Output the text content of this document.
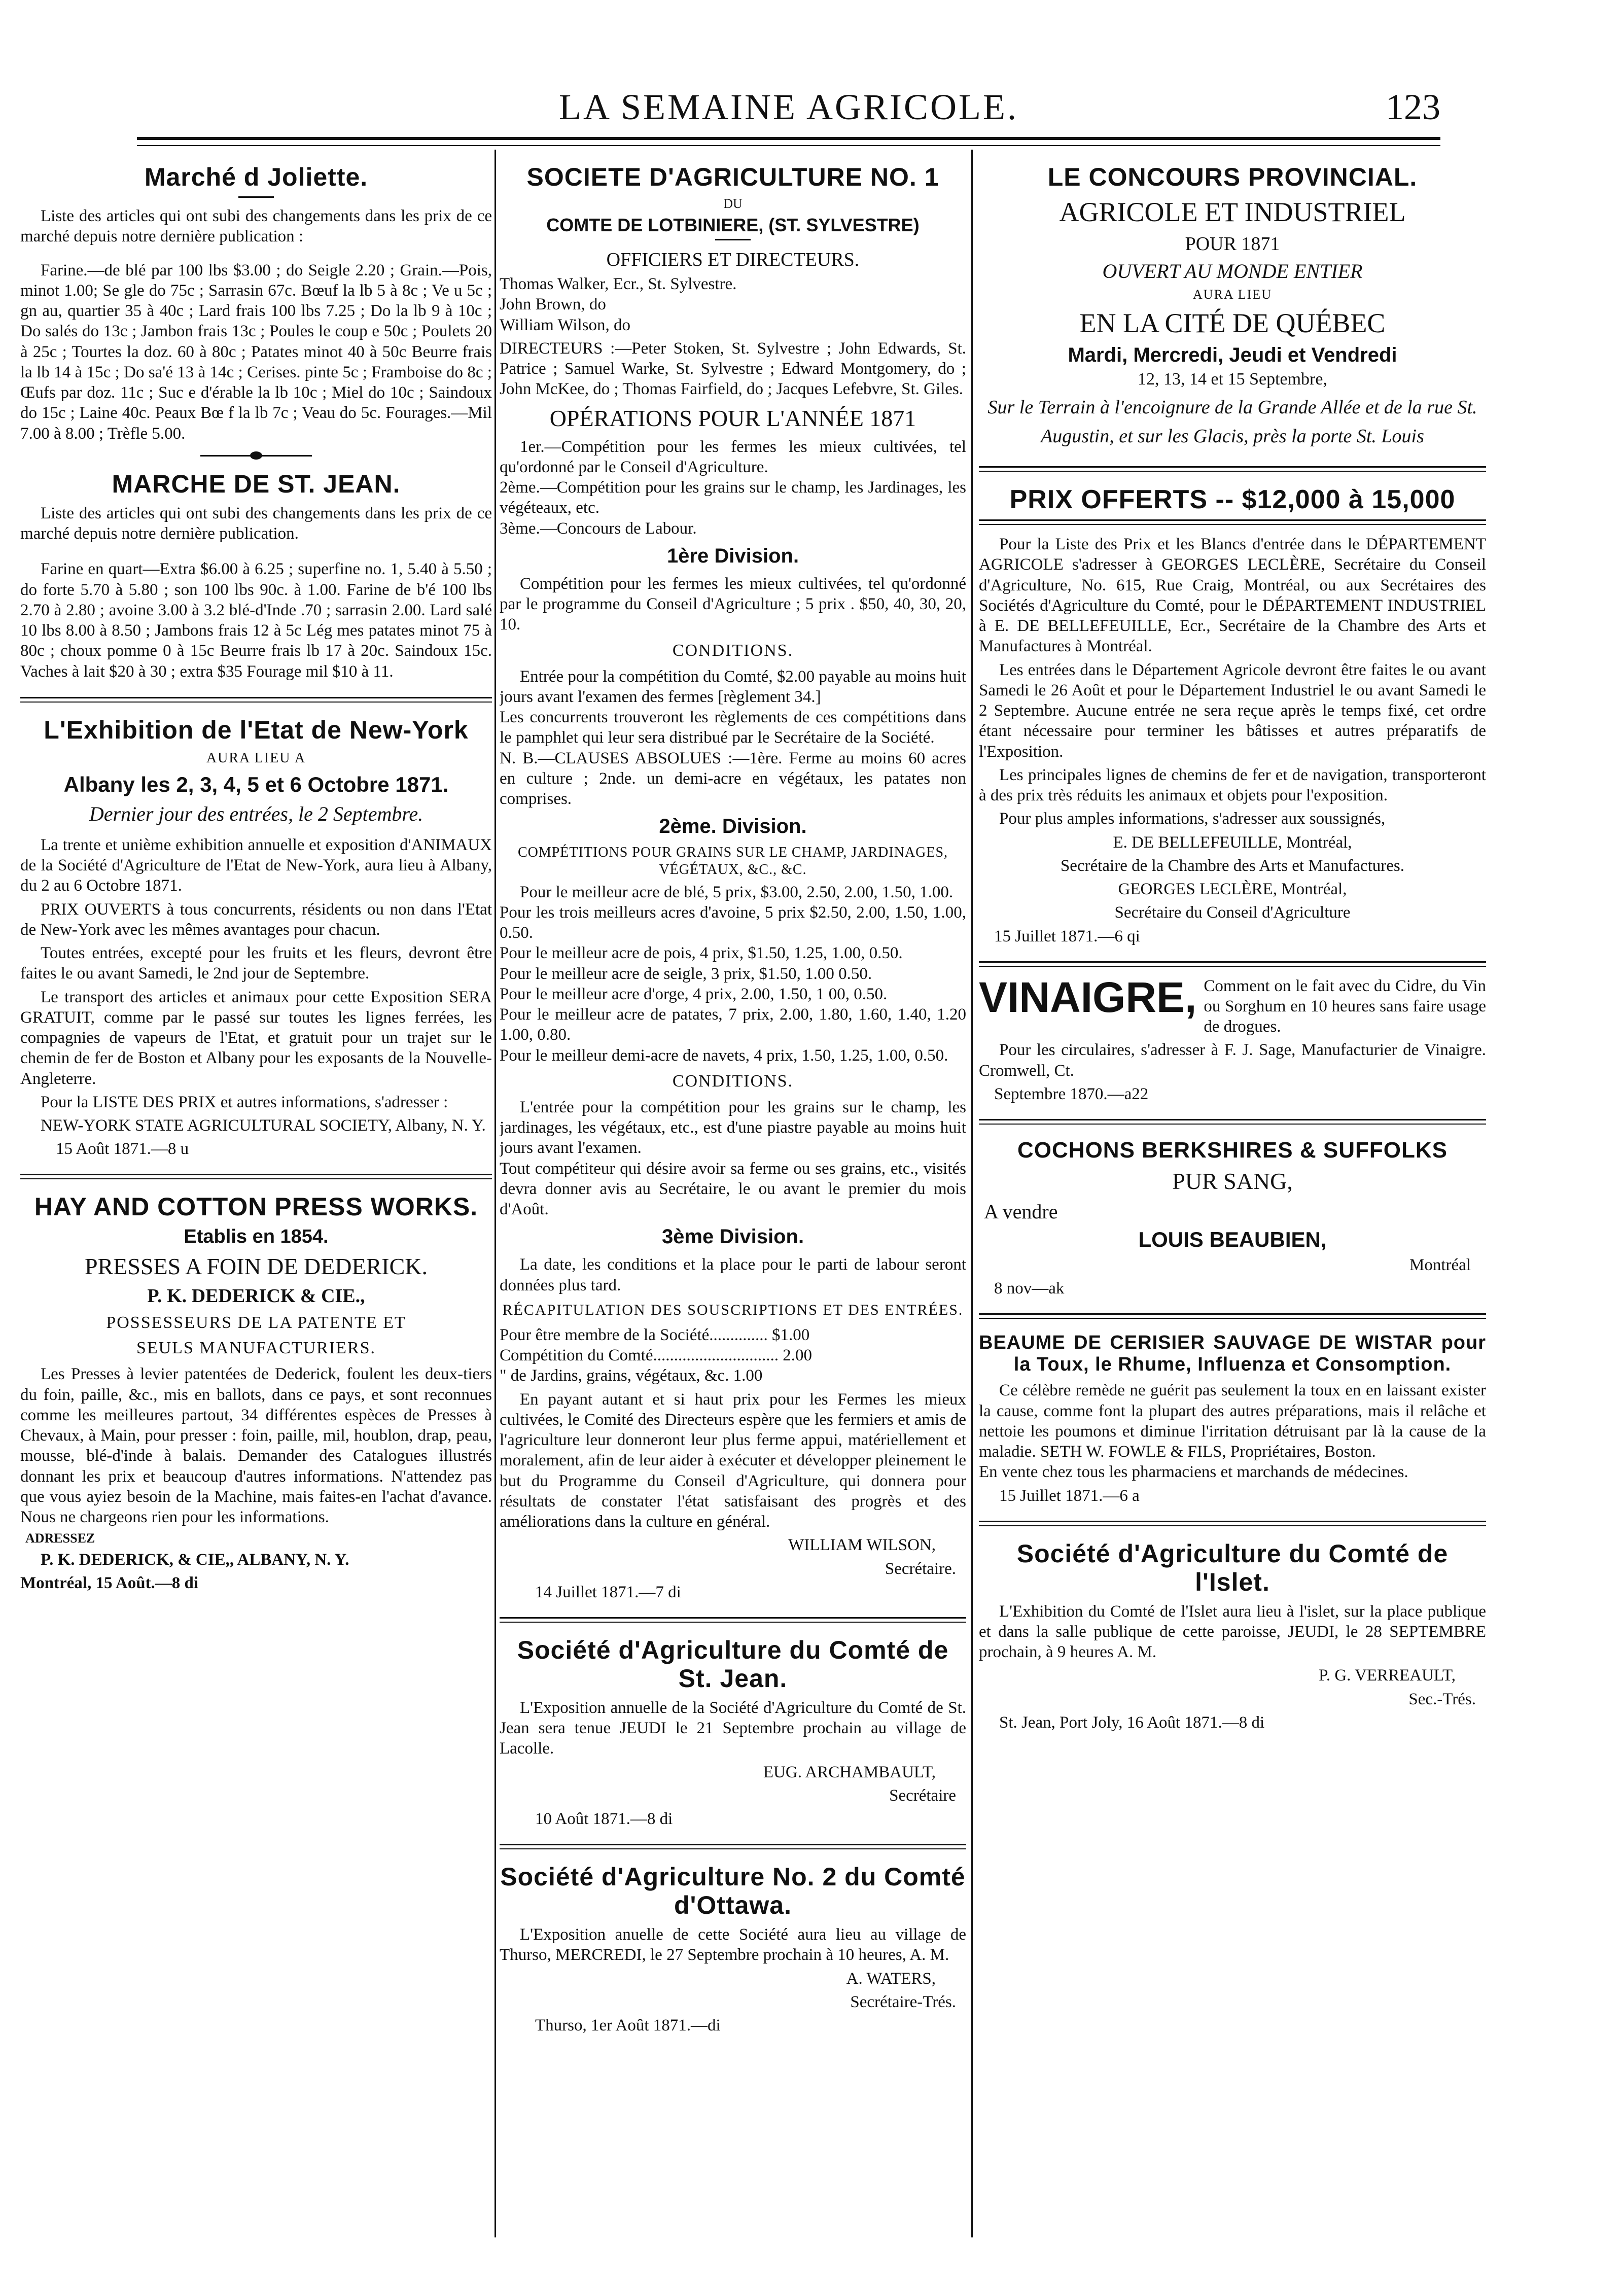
LA SEMAINE AGRICOLE.	123
Marché d Joliette.

Liste des articles qui ont subi des changements dans les prix de ce marché depuis notre dernière publication :

Farine.—de blé par 100 lbs $3.00 ; do Seigle 2.20 ; Grain.—Pois, minot 1.00; Se gle do 75c ; Sarrasin 67c. Bœuf la lb 5 à 8c ; Ve u 5c ; gn au, quartier 35 à 40c ; Lard frais 100 lbs 7.25 ; Do la lb 9 à 10c ; Do salés do 13c ; Jambon frais 13c ; Poules le coup e 50c ; Poulets 20 à 25c ; Tourtes la doz. 60 à 80c ; Patates minot 40 à 50c Beurre frais la lb 14 à 15c ; Do sa'é 13 à 14c ; Cerises. pinte 5c ; Framboise do 8c ; Œufs par doz. 11c ; Suc e d'érable la lb 10c ; Miel do 10c ; Saindoux do 15c ; Laine 40c. Peaux Bœ f la lb 7c ; Veau do 5c. Fourages.—Mil 7.00 à 8.00 ; Trèfle 5.00.

MARCHE DE ST. JEAN.

Liste des articles qui ont subi des changements dans les prix de ce marché depuis notre dernière publication.

Farine en quart—Extra $6.00 à 6.25 ; superfine no. 1, 5.40 à 5.50 ; do forte 5.70 à 5.80 ; son 100 lbs 90c. à 1.00. Farine de b'é 100 lbs 2.70 à 2.80 ; avoine 3.00 à 3.2 blé-d'Inde .70 ; sarrasin 2.00. Lard salé 10 lbs 8.00 à 8.50 ; Jambons frais 12 à 5c Lég mes patates minot 75 à 80c ; choux pomme 0 à 15c Beurre frais lb 17 à 20c. Saindoux 15c. Vaches à lait $20 à 30 ; extra $35 Fourage mil $10 à 11.

L'Exhibition de l'Etat de New-York
AURA LIEU A
Albany les 2, 3, 4, 5 et 6 Octobre 1871.
Dernier jour des entrées, le 2 Septembre.

La trente et unième exhibition annuelle et exposition d'ANIMAUX de la Société d'Agriculture de l'Etat de New-York, aura lieu à Albany, du 2 au 6 Octobre 1871.

PRIX OUVERTS à tous concurrents, résidents ou non dans l'Etat de New-York avec les mêmes avantages pour chacun.

Toutes entrées, excepté pour les fruits et les fleurs, devront être faites le ou avant Samedi, le 2nd jour de Septembre.

Le transport des articles et animaux pour cette Exposition SERA GRATUIT, comme par le passé sur toutes les lignes ferrées, les compagnies de vapeurs de l'Etat, et gratuit pour un trajet sur le chemin de fer de Boston et Albany pour les exposants de la Nouvelle-Angleterre.

Pour la LISTE DES PRIX et autres informations, s'adresser :

NEW-YORK STATE AGRICULTURAL SOCIETY, Albany, N. Y.

15 Août 1871.—8 u
HAY AND COTTON PRESS WORKS.
Etablis en 1854.
PRESSES A FOIN DE DEDERICK.
P. K. DEDERICK & CIE.,
POSSESSEURS DE LA PATENTE ET
SEULS MANUFACTURIERS.

Les Presses à levier patentées de Dederick, foulent les deux-tiers du foin, paille, &c., mis en ballots, dans ce pays, et sont reconnues comme les meilleures partout, 34 différentes espèces de Presses à Chevaux, à Main, pour presser : foin, paille, mil, houblon, drap, peau, mousse, blé-d'inde à balais. Demander des Catalogues illustrés donnant les prix et beaucoup d'autres informations. N'attendez pas que vous ayiez besoin de la Machine, mais faites-en l'achat d'avance. Nous ne chargeons rien pour les informations.

ADRESSEZ

P. K. DEDERICK, & CIE,, ALBANY, N. Y.

Montréal, 15 Août.—8 di

SOCIETE D'AGRICULTURE NO. 1
DU
COMTE DE LOTBINIERE, (ST. SYLVESTRE)
OFFICIERS ET DIRECTEURS.

Thomas Walker, Ecr., St. Sylvestre.
John Brown, do
William Wilson, do

DIRECTEURS :—Peter Stoken, St. Sylvestre ; John Edwards, St. Patrice ; Samuel Warke, St. Sylvestre ; Edward Montgomery, do ; John McKee, do ; Thomas Fairfield, do ; Jacques Lefebvre, St. Giles.

OPÉRATIONS POUR L'ANNÉE 1871

1er.—Compétition pour les fermes les mieux cultivées, tel qu'ordonné par le Conseil d'Agriculture.
2ème.—Compétition pour les grains sur le champ, les Jardinages, les végéteaux, etc.
3ème.—Concours de Labour.

1ère Division.

Compétition pour les fermes les mieux cultivées, tel qu'ordonné par le programme du Conseil d'Agriculture ; 5 prix . $50, 40, 30, 20, 10.

CONDITIONS.

Entrée pour la compétition du Comté, $2.00 payable au moins huit jours avant l'examen des fermes [règlement 34.]
Les concurrents trouveront les règlements de ces compétitions dans le pamphlet qui leur sera distribué par le Secrétaire de la Société.
N. B.—CLAUSES ABSOLUES :—1ère. Ferme au moins 60 acres en culture ; 2nde. un demi-acre en végétaux, les patates non comprises.

2ème. Division.

COMPÉTITIONS POUR GRAINS SUR LE CHAMP, JARDINAGES, VÉGÉTAUX, &C., &C.

Pour le meilleur acre de blé, 5 prix, $3.00, 2.50, 2.00, 1.50, 1.00.
Pour les trois meilleurs acres d'avoine, 5 prix $2.50, 2.00, 1.50, 1.00, 0.50.
Pour le meilleur acre de pois, 4 prix, $1.50, 1.25, 1.00, 0.50.
Pour le meilleur acre de seigle, 3 prix, $1.50, 1.00 0.50.
Pour le meilleur acre d'orge, 4 prix, 2.00, 1.50, 1 00, 0.50.
Pour le meilleur acre de patates, 7 prix, 2.00, 1.80, 1.60, 1.40, 1.20 1.00, 0.80.
Pour le meilleur demi-acre de navets, 4 prix, 1.50, 1.25, 1.00, 0.50.

CONDITIONS.

L'entrée pour la compétition pour les grains sur le champ, les jardinages, les végétaux, etc., est d'une piastre payable au moins huit jours avant l'examen.
Tout compétiteur qui désire avoir sa ferme ou ses grains, etc., visités devra donner avis au Secrétaire, le ou avant le premier du mois d'Août.

3ème Division.

La date, les conditions et la place pour le parti de labour seront données plus tard.

RÉCAPITULATION DES SOUSCRIPTIONS ET DES ENTRÉES.

Pour être membre de la Société.............. $1.00
Compétition du Comté.............................. 2.00
" de Jardins, grains, végétaux, &c. 1.00

En payant autant et si haut prix pour les Fermes les mieux cultivées, le Comité des Directeurs espère que les fermiers et amis de l'agriculture leur donneront leur plus ferme appui, matériellement et moralement, afin de leur aider à exécuter et développer pleinement le but du Programme du Conseil d'Agriculture, qui donnera pour résultats de constater l'état satisfaisant des progrès et des améliorations dans la culture en général.

WILLIAM WILSON,

Secrétaire.

14 Juillet 1871.—7 di
Société d'Agriculture du Comté de St. Jean.

L'Exposition annuelle de la Société d'Agriculture du Comté de St. Jean sera tenue JEUDI le 21 Septembre prochain au village de Lacolle.

EUG. ARCHAMBAULT,

Secrétaire

10 Août 1871.—8 di
Société d'Agriculture No. 2 du Comté d'Ottawa.

L'Exposition anuelle de cette Société aura lieu au village de Thurso, MERCREDI, le 27 Septembre prochain à 10 heures, A. M.

A. WATERS,

Secrétaire-Trés.

Thurso, 1er Août 1871.—di
LE CONCOURS PROVINCIAL.
AGRICOLE ET INDUSTRIEL
POUR 1871
OUVERT AU MONDE ENTIER
AURA LIEU
EN LA CITÉ DE QUÉBEC
Mardi, Mercredi, Jeudi et Vendredi
12, 13, 14 et 15 Septembre,
Sur le Terrain à l'encoignure de la Grande Allée et de la rue St. Augustin, et sur les Glacis, près la porte St. Louis
PRIX OFFERTS -- $12,000 à 15,000

Pour la Liste des Prix et les Blancs d'entrée dans le DÉPARTEMENT AGRICOLE s'adresser à GEORGES LECLÈRE, Secrétaire du Conseil d'Agriculture, No. 615, Rue Craig, Montréal, ou aux Secrétaires des Sociétés d'Agriculture du Comté, pour le DÉPARTEMENT INDUSTRIEL à E. DE BELLEFEUILLE, Ecr., Secrétaire de la Chambre des Arts et Manufactures à Montréal.

Les entrées dans le Département Agricole devront être faites le ou avant Samedi le 26 Août et pour le Département Industriel le ou avant Samedi le 2 Septembre. Aucune entrée ne sera reçue après le temps fixé, cet ordre étant nécessaire pour terminer les bâtisses et autres préparatifs de l'Exposition.

Les principales lignes de chemins de fer et de navigation, transporteront à des prix très réduits les animaux et objets pour l'exposition.

Pour plus amples informations, s'adresser aux soussignés,

E. DE BELLEFEUILLE, Montréal,

Secrétaire de la Chambre des Arts et Manufactures.

GEORGES LECLÈRE, Montréal,

Secrétaire du Conseil d'Agriculture

15 Juillet 1871.—6 qi
VINAIGRE, Comment on le fait avec du Cidre, du Vin ou Sorghum en 10 heures sans faire usage de drogues.

Pour les circulaires, s'adresser à F. J. Sage, Manufacturier de Vinaigre. Cromwell, Ct.

Septembre 1870.—a22
COCHONS BERKSHIRES & SUFFOLKS
PUR SANG,

A vendre

LOUIS BEAUBIEN,

Montréal

8 nov—ak
BEAUME DE CERISIER SAUVAGE DE WISTAR pour la Toux, le Rhume, Influenza et Consomption.

Ce célèbre remède ne guérit pas seulement la toux en en laissant exister la cause, comme font la plupart des autres préparations, mais il relâche et nettoie les poumons et diminue l'irritation détruisant par là la cause de la maladie. SETH W. FOWLE & FILS, Propriétaires, Boston.
En vente chez tous les pharmaciens et marchands de médecines.

15 Juillet 1871.—6 a
Société d'Agriculture du Comté de l'Islet.

L'Exhibition du Comté de l'Islet aura lieu à l'islet, sur la place publique et dans la salle publique de cette paroisse, JEUDI, le 28 SEPTEMBRE prochain, à 9 heures A. M.

P. G. VERREAULT,

Sec.-Trés.

St. Jean, Port Joly, 16 Août 1871.—8 di
